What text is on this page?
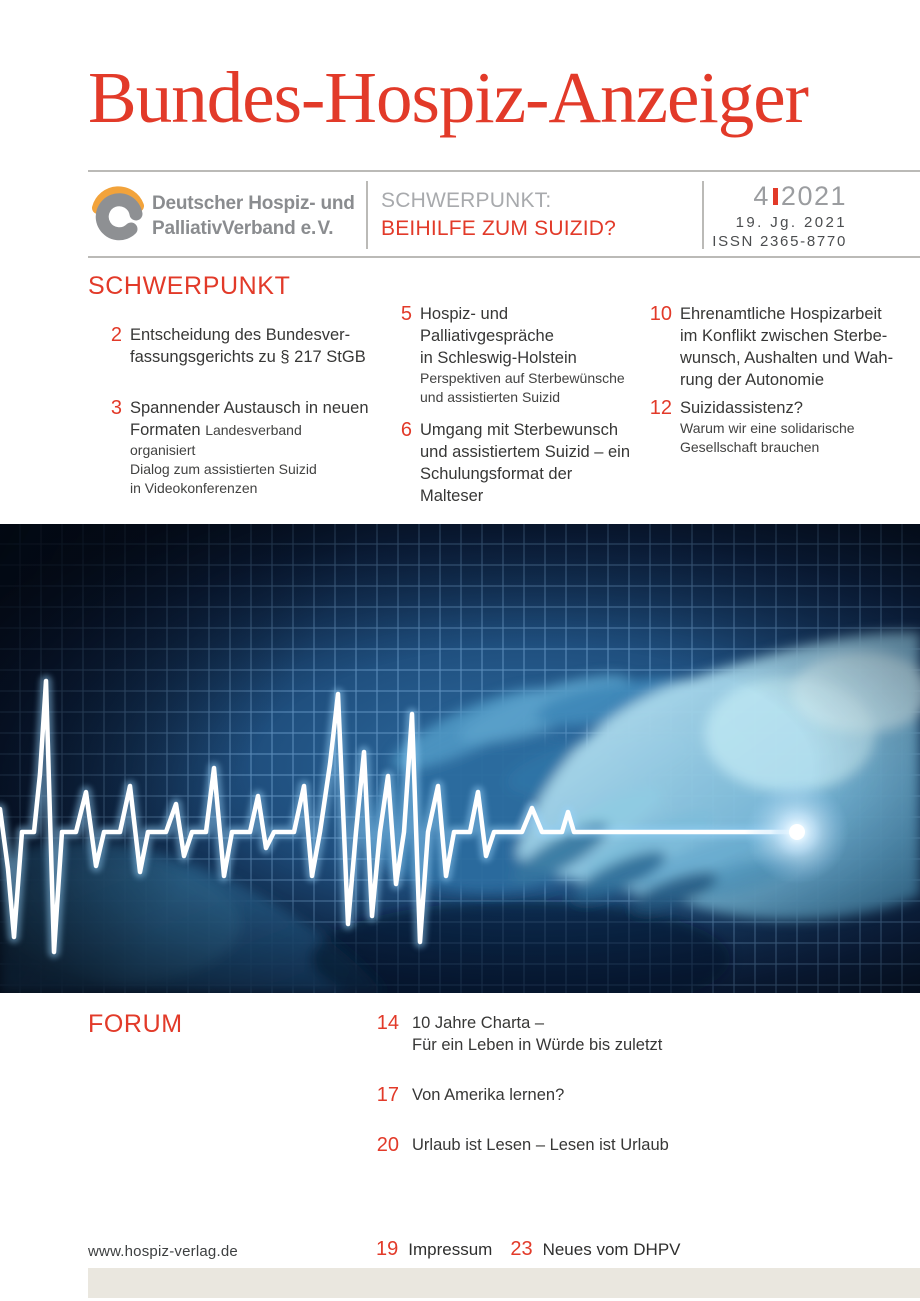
Bundes-Hospiz-Anzeiger
Deutscher Hospiz- und
PalliativVerband e. V.
SCHWERPUNKT:
BEIHILFE ZUM SUIZID?
4 2021
19. Jg. 2021
ISSN 2365-8770
SCHWERPUNKT
2 Entscheidung des Bundesver-
fassungsgerichts zu § 217 StGB
3 Spannender Austausch in neuen
Formaten Landesverband organisiert
Dialog zum assistierten Suizid
in Videokonferenzen
5 Hospiz- und Palliativgespräche
in Schleswig-Holstein
Perspektiven auf Sterbewünsche
und assistierten Suizid
6 Umgang mit Sterbewunsch
und assistiertem Suizid – ein
Schulungsformat der Malteser
10 Ehrenamtliche Hospizarbeit
im Konflikt zwischen Sterbe-
wunsch, Aushalten und Wah-
rung der Autonomie
12 Suizidassistenz?
Warum wir eine solidarische
Gesellschaft brauchen
FORUM	14 10 Jahre Charta –
Für ein Leben in Würde bis zuletzt
17 Von Amerika lernen?
20 Urlaub ist Lesen – Lesen ist Urlaub
www.hospiz-verlag.de	19 Impressum 23 Neues vom DHPV
